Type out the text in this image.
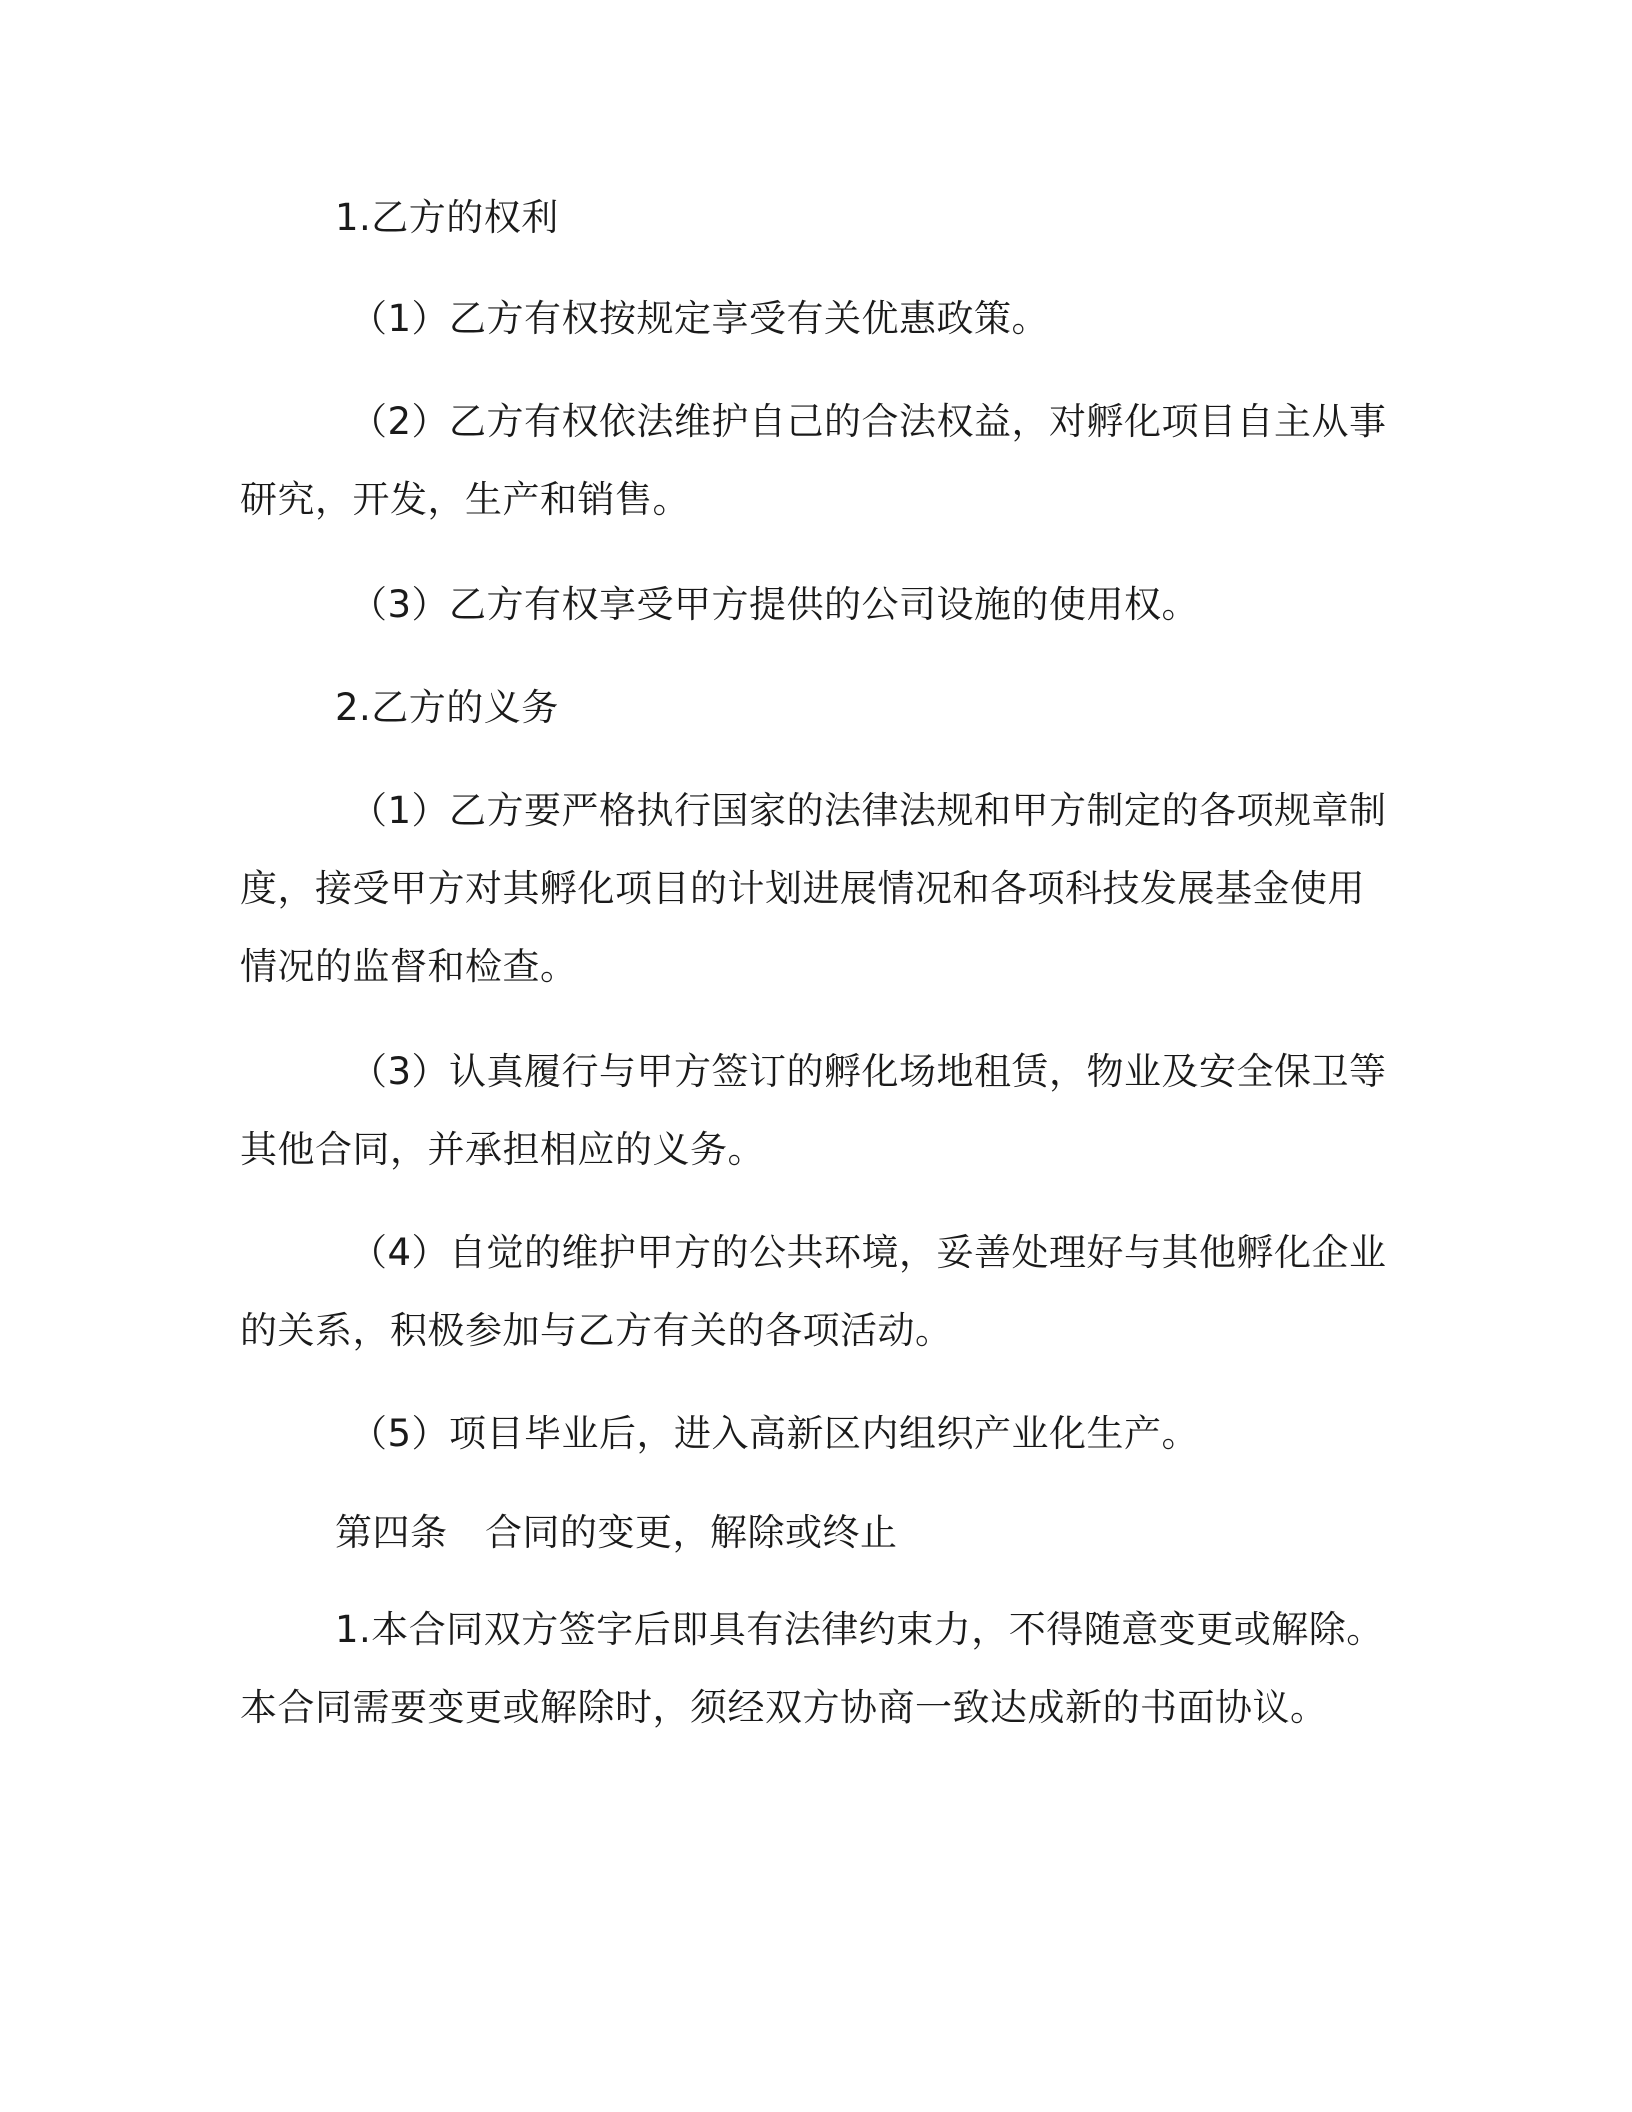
1.乙方的权利
（1）乙方有权按规定享受有关优惠政策。
（2）乙方有权依法维护自己的合法权益，对孵化项目自主从事
研究，开发，生产和销售。
（3）乙方有权享受甲方提供的公司设施的使用权。
2.乙方的义务
（1）乙方要严格执行国家的法律法规和甲方制定的各项规章制
度，接受甲方对其孵化项目的计划进展情况和各项科技发展基金使用
情况的监督和检查。
（3）认真履行与甲方签订的孵化场地租赁，物业及安全保卫等
其他合同，并承担相应的义务。
（4）自觉的维护甲方的公共环境，妥善处理好与其他孵化企业
的关系，积极参加与乙方有关的各项活动。
（5）项目毕业后，进入高新区内组织产业化生产。
第四条　合同的变更，解除或终止
1.本合同双方签字后即具有法律约束力，不得随意变更或解除。
本合同需要变更或解除时，须经双方协商一致达成新的书面协议。
